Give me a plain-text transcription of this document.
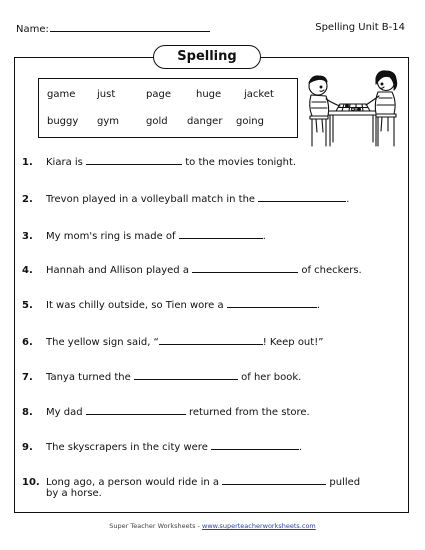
Name:	Spelling Unit B-14
Spelling
game just	page	huge jacket
buggy gym	gold danger going
1. Kiara is	to the movies tonight.
2. Trevon played in a volleyball match in the	.
3. My mom's ring is made of	.
4. Hannah and Allison played a	of checkers.
5. It was chilly outside, so Tien wore a	.
6. The yellow sign said, “	! Keep out!”
7. Tanya turned the	of her book.
8. My dad	returned from the store.
9. The skyscrapers in the city were	.
10. Long ago, a person would ride in a	pulled
by a horse.
Super Teacher Worksheets - www.superteacherworksheets.com
